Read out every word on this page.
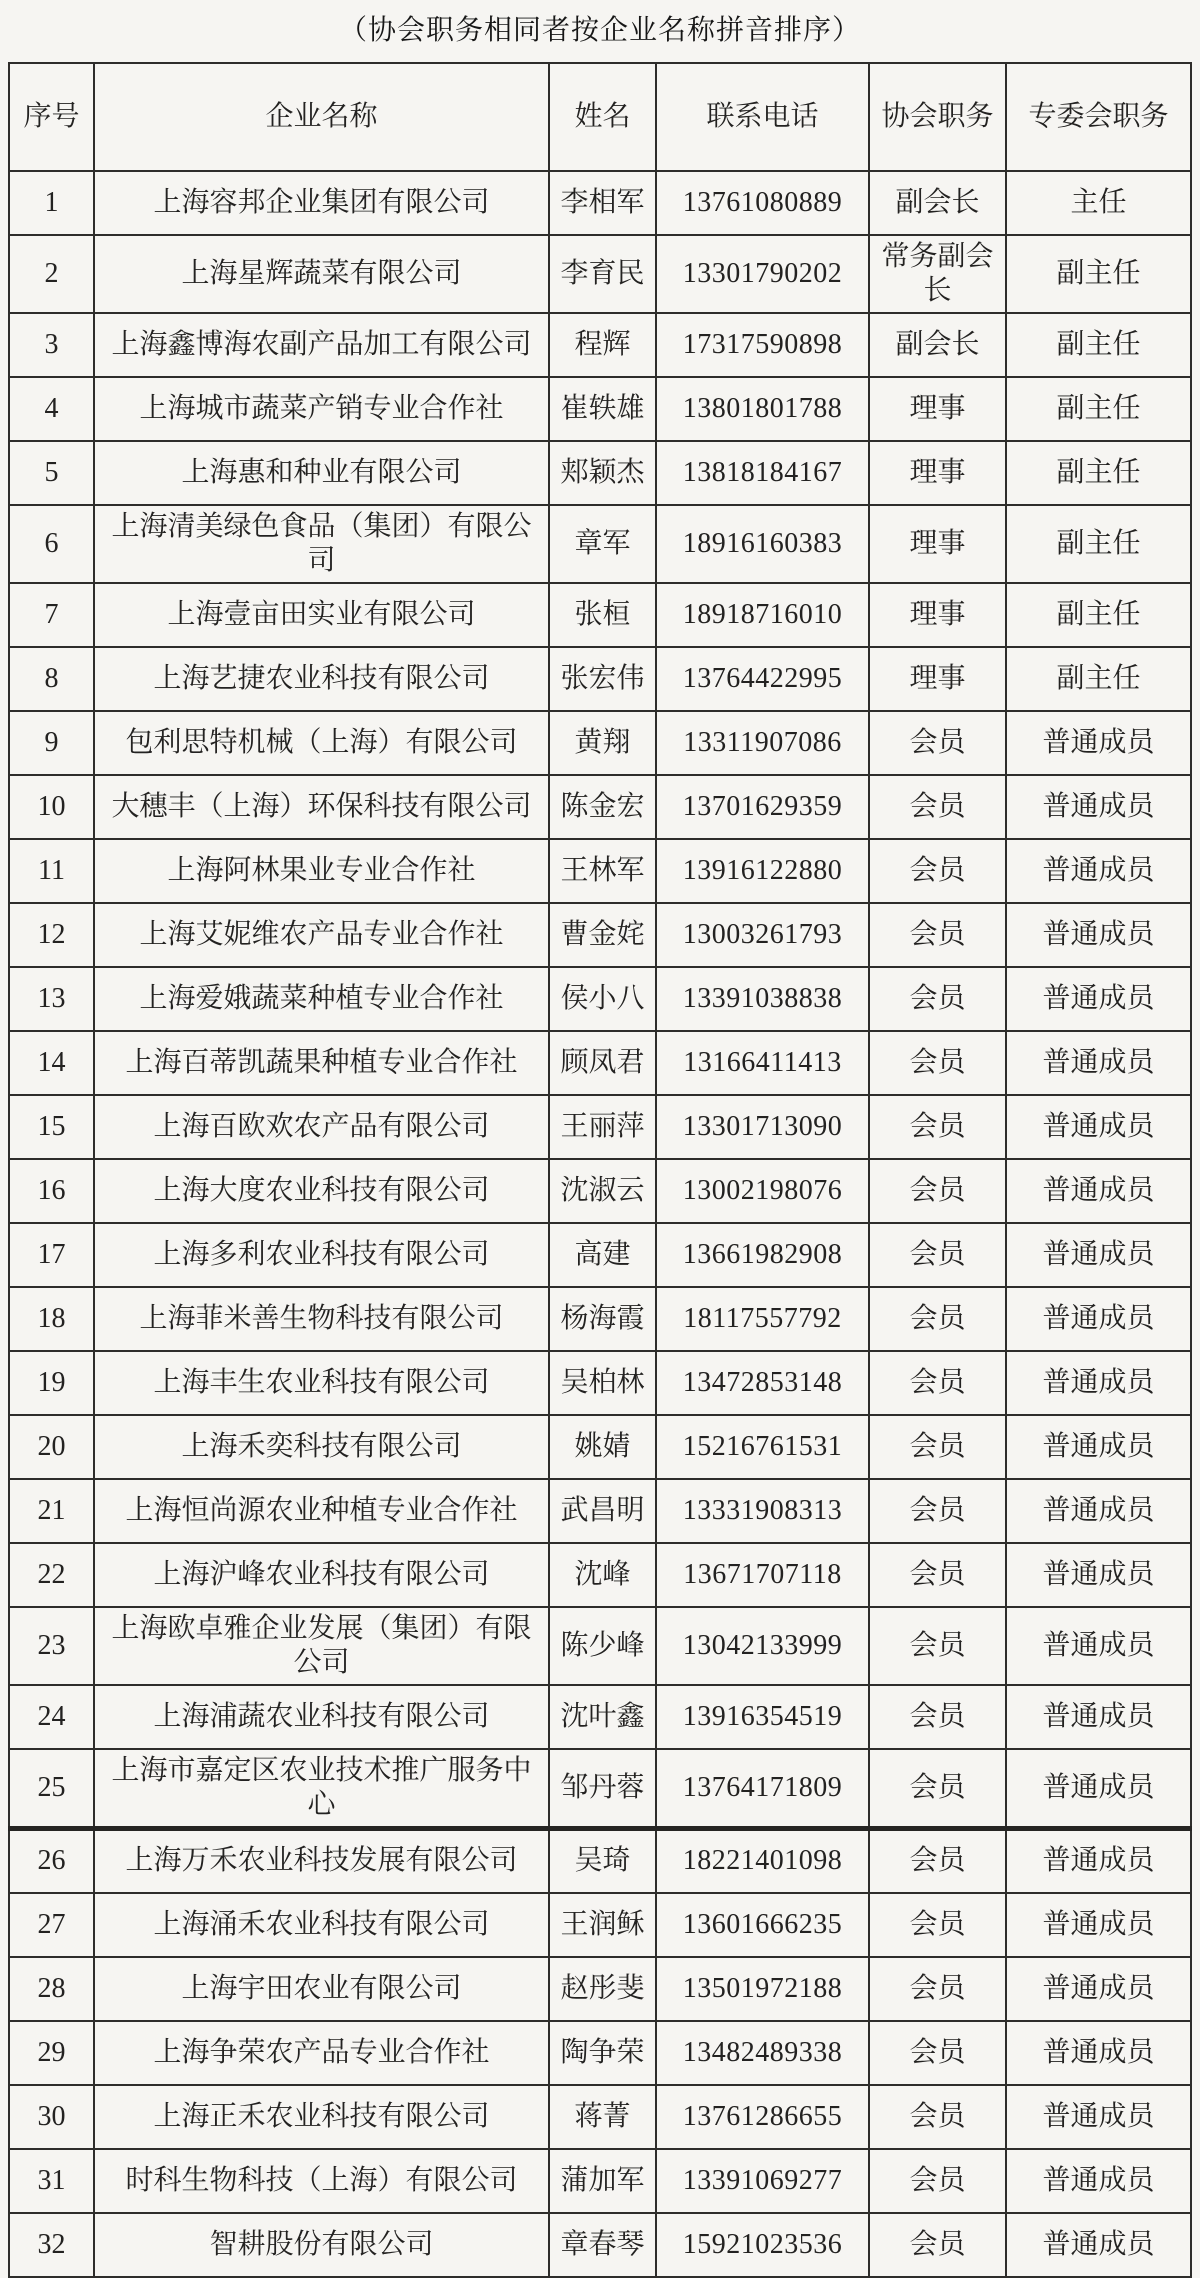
（协会职务相同者按企业名称拼音排序）
序号	企业名称	姓名	联系电话	协会职务	专委会职务
1	上海容邦企业集团有限公司	李相军	13761080889	副会长	主任
2	上海星辉蔬菜有限公司	李育民	13301790202	常务副会长	副主任
3	上海鑫博海农副产品加工有限公司	程辉	17317590898	副会长	副主任
4	上海城市蔬菜产销专业合作社	崔轶雄	13801801788	理事	副主任
5	上海惠和种业有限公司	郏颖杰	13818184167	理事	副主任
6	上海清美绿色食品（集团）有限公司	章军	18916160383	理事	副主任
7	上海壹亩田实业有限公司	张桓	18918716010	理事	副主任
8	上海艺捷农业科技有限公司	张宏伟	13764422995	理事	副主任
9	包利思特机械（上海）有限公司	黄翔	13311907086	会员	普通成员
10	大穗丰（上海）环保科技有限公司	陈金宏	13701629359	会员	普通成员
11	上海阿林果业专业合作社	王林军	13916122880	会员	普通成员
12	上海艾妮维农产品专业合作社	曹金姹	13003261793	会员	普通成员
13	上海爱娥蔬菜种植专业合作社	侯小八	13391038838	会员	普通成员
14	上海百蒂凯蔬果种植专业合作社	顾凤君	13166411413	会员	普通成员
15	上海百欧欢农产品有限公司	王丽萍	13301713090	会员	普通成员
16	上海大度农业科技有限公司	沈淑云	13002198076	会员	普通成员
17	上海多利农业科技有限公司	高建	13661982908	会员	普通成员
18	上海菲米善生物科技有限公司	杨海霞	18117557792	会员	普通成员
19	上海丰生农业科技有限公司	吴柏林	13472853148	会员	普通成员
20	上海禾奕科技有限公司	姚婧	15216761531	会员	普通成员
21	上海恒尚源农业种植专业合作社	武昌明	13331908313	会员	普通成员
22	上海沪峰农业科技有限公司	沈峰	13671707118	会员	普通成员
23	上海欧卓雅企业发展（集团）有限公司	陈少峰	13042133999	会员	普通成员
24	上海浦蔬农业科技有限公司	沈叶鑫	13916354519	会员	普通成员
25	上海市嘉定区农业技术推广服务中心	邹丹蓉	13764171809	会员	普通成员
26	上海万禾农业科技发展有限公司	吴琦	18221401098	会员	普通成员
27	上海涌禾农业科技有限公司	王润稣	13601666235	会员	普通成员
28	上海宇田农业有限公司	赵彤斐	13501972188	会员	普通成员
29	上海争荣农产品专业合作社	陶争荣	13482489338	会员	普通成员
30	上海正禾农业科技有限公司	蒋菁	13761286655	会员	普通成员
31	时科生物科技（上海）有限公司	蒲加军	13391069277	会员	普通成员
32	智耕股份有限公司	章春琴	15921023536	会员	普通成员
